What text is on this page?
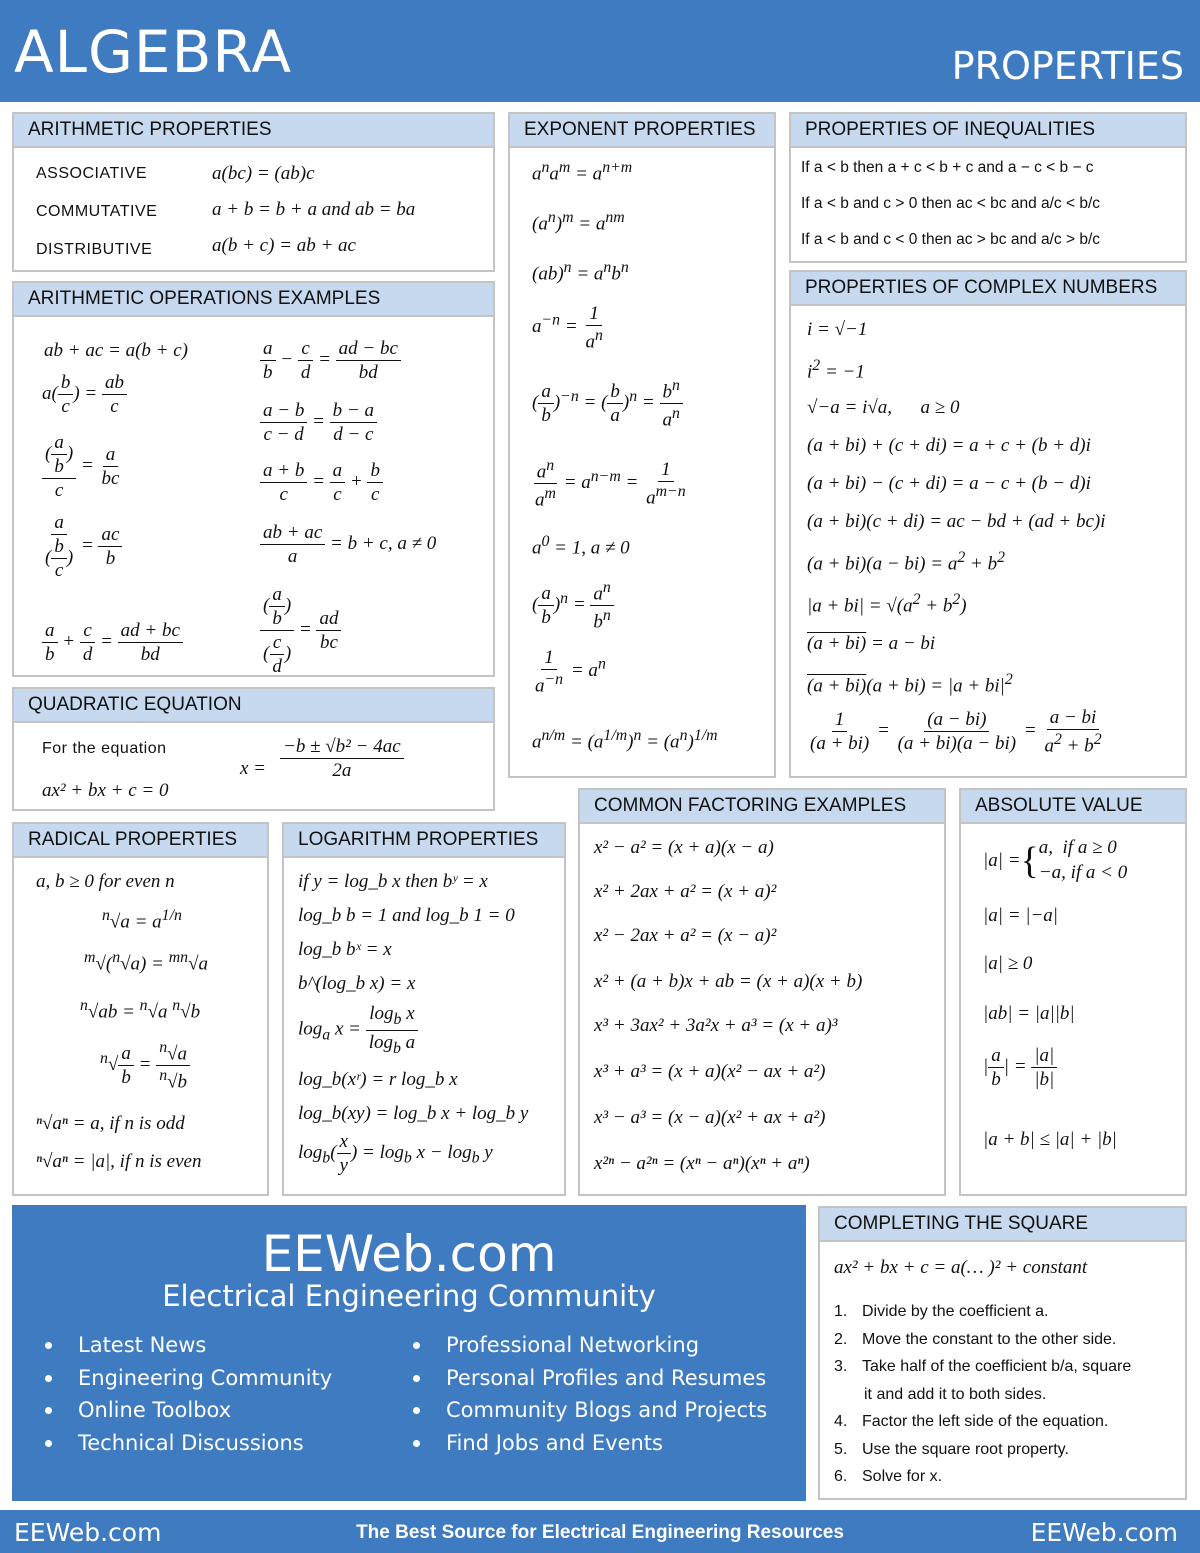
ALGEBRA	PROPERTIES
ARITHMETIC PROPERTIES
ASSOCIATIVE	a(bc) = (ab)c
COMMUTATIVE	a + b = b + a and ab = ba
DISTRIBUTIVE	a(b + c) = ab + ac
ARITHMETIC OPERATIONS EXAMPLES
ab + ac = a(b + c)
$a( \frac{b}{c}$ ) = $\frac{ab}{c}$
$\frac{( \frac{a}{b} )}{c} = \frac{a}{bc}$
$\frac{a}{( \frac{b}{c} )} = \frac{ac}{b}$
$\frac{a}{b} + \frac{c}{d} = \frac{ad + bc}{bd}$
$\frac{a}{b} - \frac{c}{d} = \frac{ad - bc}{bd}$
$\frac{a - b}{c - d} = \frac{b - a}{d - c}$
$\frac{a + b}{c} = \frac{a}{c} + \frac{b}{c}$
$\frac{ab + ac}{a} = b + c$, a ≠ 0
$\frac{( \frac{a}{b} )}{( \frac{c}{d} )} = \frac{ad}{bc}$
QUADRATIC EQUATION
For the equation
ax² + bx + c = 0
$x = \frac{\text{−b ± √b² − 4ac}}{2a}$
EXPONENT PROPERTIES
$a^na^m = a^{n+m}$
$(a^n)^m = a^{nm}$
$(ab)^n = a^nb^n$
$a^{-n} = \frac{1}{a^n}$
( $\frac{a}{b} )^{-n}$ = ( $\frac{b}{a} )^n = \frac{b^n}{a^n}$
$\frac{a^n}{a^m} = a^{n-m} = \frac{1}{a^{m-n}}$
$a^0 = 1$, a ≠ 0
( $\frac{a}{b} )^n = \frac{a^n}{b^n}$
$\frac{1}{a^{-n}} = a^n$
$a^{n/m} = (a^{1/m})^n = (a^n)^{1/m}$
PROPERTIES OF INEQUALITIES
If a < b then a + c < b + c and a − c < b − c
If a < b and c > 0 then ac < bc and a/c < b/c
If a < b and c < 0 then ac > bc and a/c > b/c
PROPERTIES OF COMPLEX NUMBERS
i = √−1
$i^2 = -1$
√−a = i√a,      a ≥ 0
(a + bi) + (c + di) = a + c + (b + d)i
(a + bi) − (c + di) = a − c + (b − d)i
(a + bi)(c + di) = ac − bd + (ad + bc)i
$(a + bi)(a - bi) = a^2 + b^2$
$|a + bi| = √(a^2 + b^2)$
(a + bi) = a − bi
$(a + bi)(a + bi) = |a + bi|^2$
$\frac{1}{(a + bi)} = \frac{(a - bi)}{(a + bi)(a - bi)} = \frac{a - bi}{a^2 + b^2}$
RADICAL PROPERTIES
a, b ≥ 0 for even n
$^n√a = a^{1/n}$
$^m$√($^n$√a) = $^{mn}$√a
$^n$√ab = $^n$√a $^n$√b
$^n√ \frac{a}{b} = \frac{^n√a}{^n√b}$
ⁿ√aⁿ = a, if n is odd
ⁿ√aⁿ = |a|, if n is even
LOGARITHM PROPERTIES
if y = log_b x then bʸ = x
log_b b = 1 and log_b 1 = 0
log_b bˣ = x
b^(log_b x) = x
$\log_a x = \frac{\log_b x}{\log_b a}$
log_b(xʳ) = r log_b x
log_b(xy) = log_b x + log_b y
$\log_b( \frac{x}{y}$ ) = $\log_b x - \log_b y$
COMMON FACTORING EXAMPLES
x² − a² = (x + a)(x − a)
x² + 2ax + a² = (x + a)²
x² − 2ax + a² = (x − a)²
x² + (a + b)x + ab = (x + a)(x + b)
x³ + 3ax² + 3a²x + a³ = (x + a)³
x³ + a³ = (x + a)(x² − ax + a²)
x³ − a³ = (x − a)(x² + ax + a²)
x²ⁿ − a²ⁿ = (xⁿ − aⁿ)(xⁿ + aⁿ)
ABSOLUTE VALUE
|a| ={a,  if a ≥ 0
−a, if a < 0
|a| = |−a|
|a| ≥ 0
|ab| = |a||b|
| $\frac{a}{b}$ | = $\frac{|a|}{|b|}$
|a + b| ≤ |a| + |b|
EEWeb.com
Electrical Engineering Community
Latest News
Engineering Community
Online Toolbox
Technical Discussions
Professional Networking
Personal Profiles and Resumes
Community Blogs and Projects
Find Jobs and Events
COMPLETING THE SQUARE
ax² + bx + c = a(… )² + constant
1. Divide by the coefficient a.
2. Move the constant to the other side.
3. Take half of the coefficient b/a, square
it and add it to both sides.
4. Factor the left side of the equation.
5. Use the square root property.
6. Solve for x.
EEWeb.com	The Best Source for Electrical Engineering Resources	EEWeb.com
